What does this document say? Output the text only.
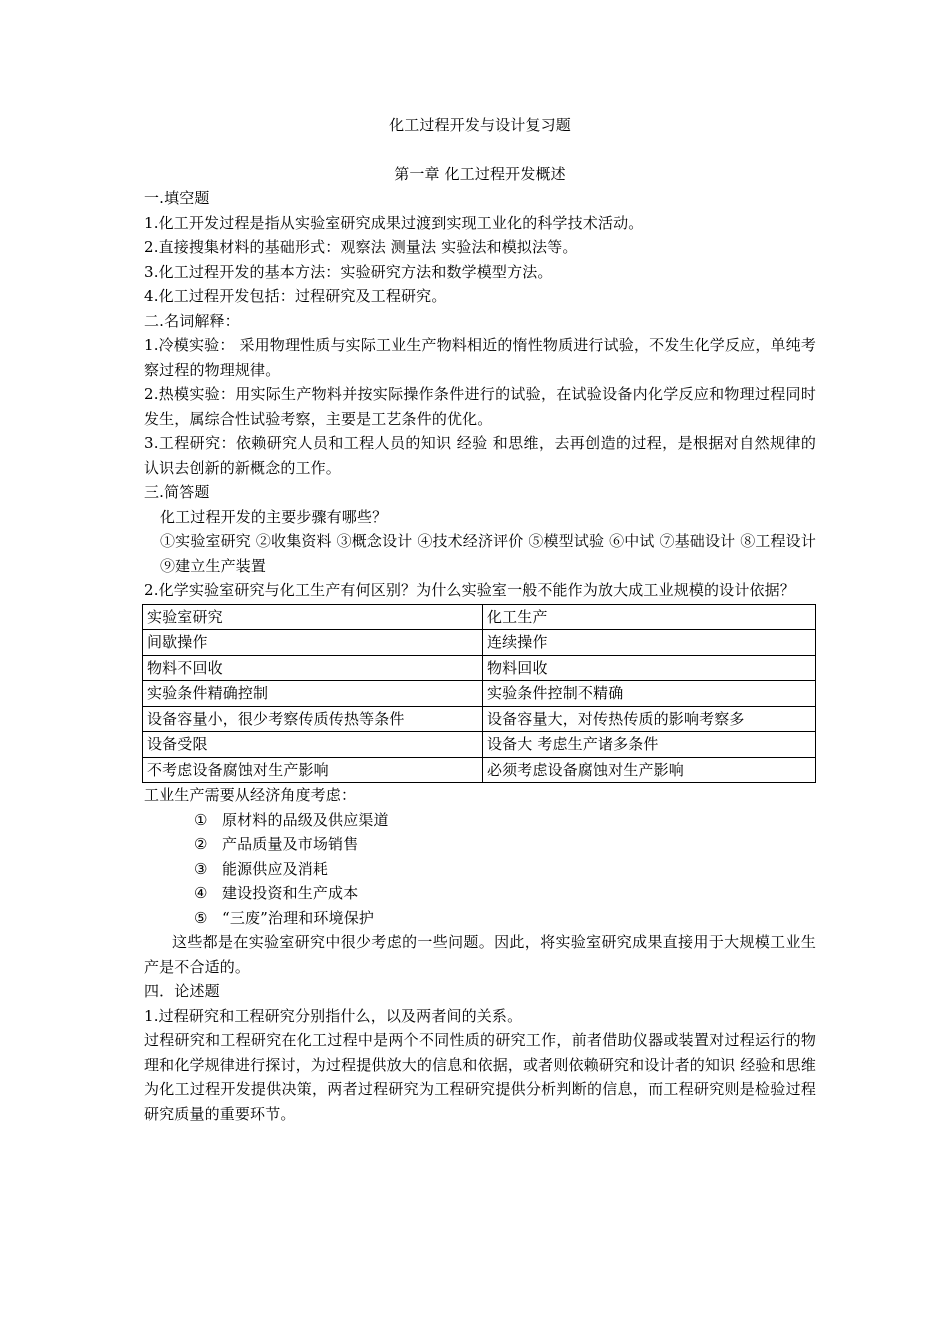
化工过程开发与设计复习题
第一章 化工过程开发概述
一.填空题
1.化工开发过程是指从实验室研究成果过渡到实现工业化的科学技术活动。
2.直接搜集材料的基础形式：观察法 测量法 实验法和模拟法等。
3.化工过程开发的基本方法：实验研究方法和数学模型方法。
4.化工过程开发包括：过程研究及工程研究。
二.名词解释：
1.冷模实验： 采用物理性质与实际工业生产物料相近的惰性物质进行试验，不发生化学反应，单纯考察过程的物理规律。
2.热模实验：用实际生产物料并按实际操作条件进行的试验，在试验设备内化学反应和物理过程同时发生，属综合性试验考察，主要是工艺条件的优化。
3.工程研究：依赖研究人员和工程人员的知识 经验 和思维，去再创造的过程，是根据对自然规律的认识去创新的新概念的工作。
三.简答题
化工过程开发的主要步骤有哪些？
①实验室研究 ②收集资料 ③概念设计 ④技术经济评价 ⑤模型试验 ⑥中试 ⑦基础设计 ⑧工程设计 ⑨建立生产装置
2.化学实验室研究与化工生产有何区别？为什么实验室一般不能作为放大成工业规模的设计依据？
实验室研究	化工生产
间歇操作	连续操作
物料不回收	物料回收
实验条件精确控制	实验条件控制不精确
设备容量小，很少考察传质传热等条件	设备容量大，对传热传质的影响考察多
设备受限	设备大 考虑生产诸多条件
不考虑设备腐蚀对生产影响	必须考虑设备腐蚀对生产影响
工业生产需要从经济角度考虑：
① 原材料的品级及供应渠道
② 产品质量及市场销售
③ 能源供应及消耗
④ 建设投资和生产成本
⑤ “三废”治理和环境保护
这些都是在实验室研究中很少考虑的一些问题。因此，将实验室研究成果直接用于大规模工业生产是不合适的。
四．论述题
1.过程研究和工程研究分别指什么，以及两者间的关系。
过程研究和工程研究在化工过程中是两个不同性质的研究工作，前者借助仪器或装置对过程运行的物理和化学规律进行探讨，为过程提供放大的信息和依据，或者则依赖研究和设计者的知识 经验和思维为化工过程开发提供决策，两者过程研究为工程研究提供分析判断的信息，而工程研究则是检验过程研究质量的重要环节。
